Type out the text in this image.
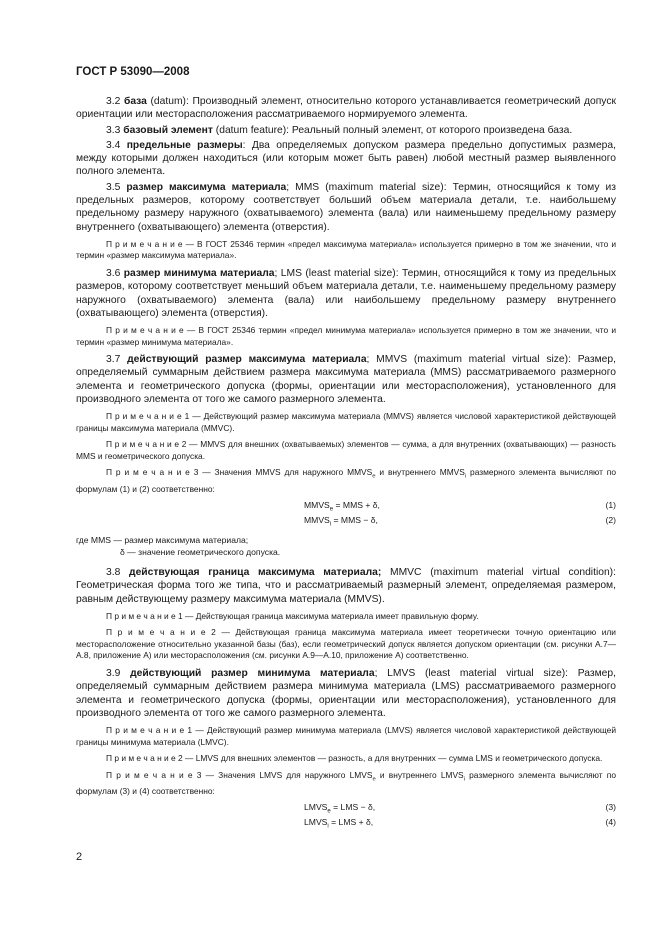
ГОСТ Р 53090—2008

3.2 база (datum): Производный элемент, относительно которого устанавливается геометрический допуск ориентации или месторасположения рассматриваемого нормируемого элемента.

3.3 базовый элемент (datum feature): Реальный полный элемент, от которого произведена база.

3.4 предельные размеры: Два определяемых допуском размера предельно допустимых размера, между которыми должен находиться (или которым может быть равен) любой местный размер выявленного полного элемента.

3.5 размер максимума материала; MMS (maximum material size): Термин, относящийся к тому из предельных размеров, которому соответствует больший объем материала детали, т.е. наибольшему предельному размеру наружного (охватываемого) элемента (вала) или наименьшему предельному размеру внутреннего (охватывающего) элемента (отверстия).

П р и м е ч а н и е — В ГОСТ 25346 термин «предел максимума материала» используется примерно в том же значении, что и термин «размер максимума материала».

3.6 размер минимума материала; LMS (least material size): Термин, относящийся к тому из предельных размеров, которому соответствует меньший объем материала детали, т.е. наименьшему предельному размеру наружного (охватываемого) элемента (вала) или наибольшему предельному размеру внутреннего (охватывающего) элемента (отверстия).

П р и м е ч а н и е — В ГОСТ 25346 термин «предел минимума материала» используется примерно в том же значении, что и термин «размер минимума материала».

3.7 действующий размер максимума материала; MMVS (maximum material virtual size): Размер, определяемый суммарным действием размера максимума материала (MMS) рассматриваемого размерного элемента и геометрического допуска (формы, ориентации или месторасположения), установленного для производного элемента от того же самого размерного элемента.

П р и м е ч а н и е 1 — Действующий размер максимума материала (MMVS) является числовой характеристикой действующей границы максимума материала (MMVC).

П р и м е ч а н и е 2 — MMVS для внешних (охватываемых) элементов — сумма, а для внутренних (охватывающих) — разность MMS и геометрического допуска.

П р и м е ч а н и е 3 — Значения MMVS для наружного $MMVS_e$ и внутреннего $MMVS_i$ размерного элемента вычисляют по формулам (1) и (2) соответственно:

$MMVS_e$ = MMS + δ,	(1)
$MMVS_i$ = MMS − δ,	(2)
где MMS — размер максимума материала;
δ — значение геометрического допуска.

3.8 действующая граница максимума материала; MMVC (maximum material virtual condition): Геометрическая форма того же типа, что и рассматриваемый размерный элемент, определяемая размером, равным действующему размеру максимума материала (MMVS).

П р и м е ч а н и е 1 — Действующая граница максимума материала имеет правильную форму.

П р и м е ч а н и е 2 — Действующая граница максимума материала имеет теоретически точную ориентацию или месторасположение относительно указанной базы (баз), если геометрический допуск является допуском ориентации (см. рисунки А.7—А.8, приложение А) или месторасположения (см. рисунки А.9—А.10, приложение А) соответственно.

3.9 действующий размер минимума материала; LMVS (least material virtual size): Размер, определяемый суммарным действием размера минимума материала (LMS) рассматриваемого размерного элемента и геометрического допуска (формы, ориентации или месторасположения), установленного для производного элемента от того же самого размерного элемента.

П р и м е ч а н и е 1 — Действующий размер минимума материала (LMVS) является числовой характеристикой действующей границы минимума материала (LMVC).

П р и м е ч а н и е 2 — LMVS для внешних элементов — разность, а для внутренних — сумма LMS и геометрического допуска.

П р и м е ч а н и е 3 — Значения LMVS для наружного $LMVS_e$ и внутреннего $LMVS_i$ размерного элемента вычисляют по формулам (3) и (4) соответственно:

$LMVS_e$ = LMS − δ,	(3)
$LMVS_i$ = LMS + δ,	(4)
2
